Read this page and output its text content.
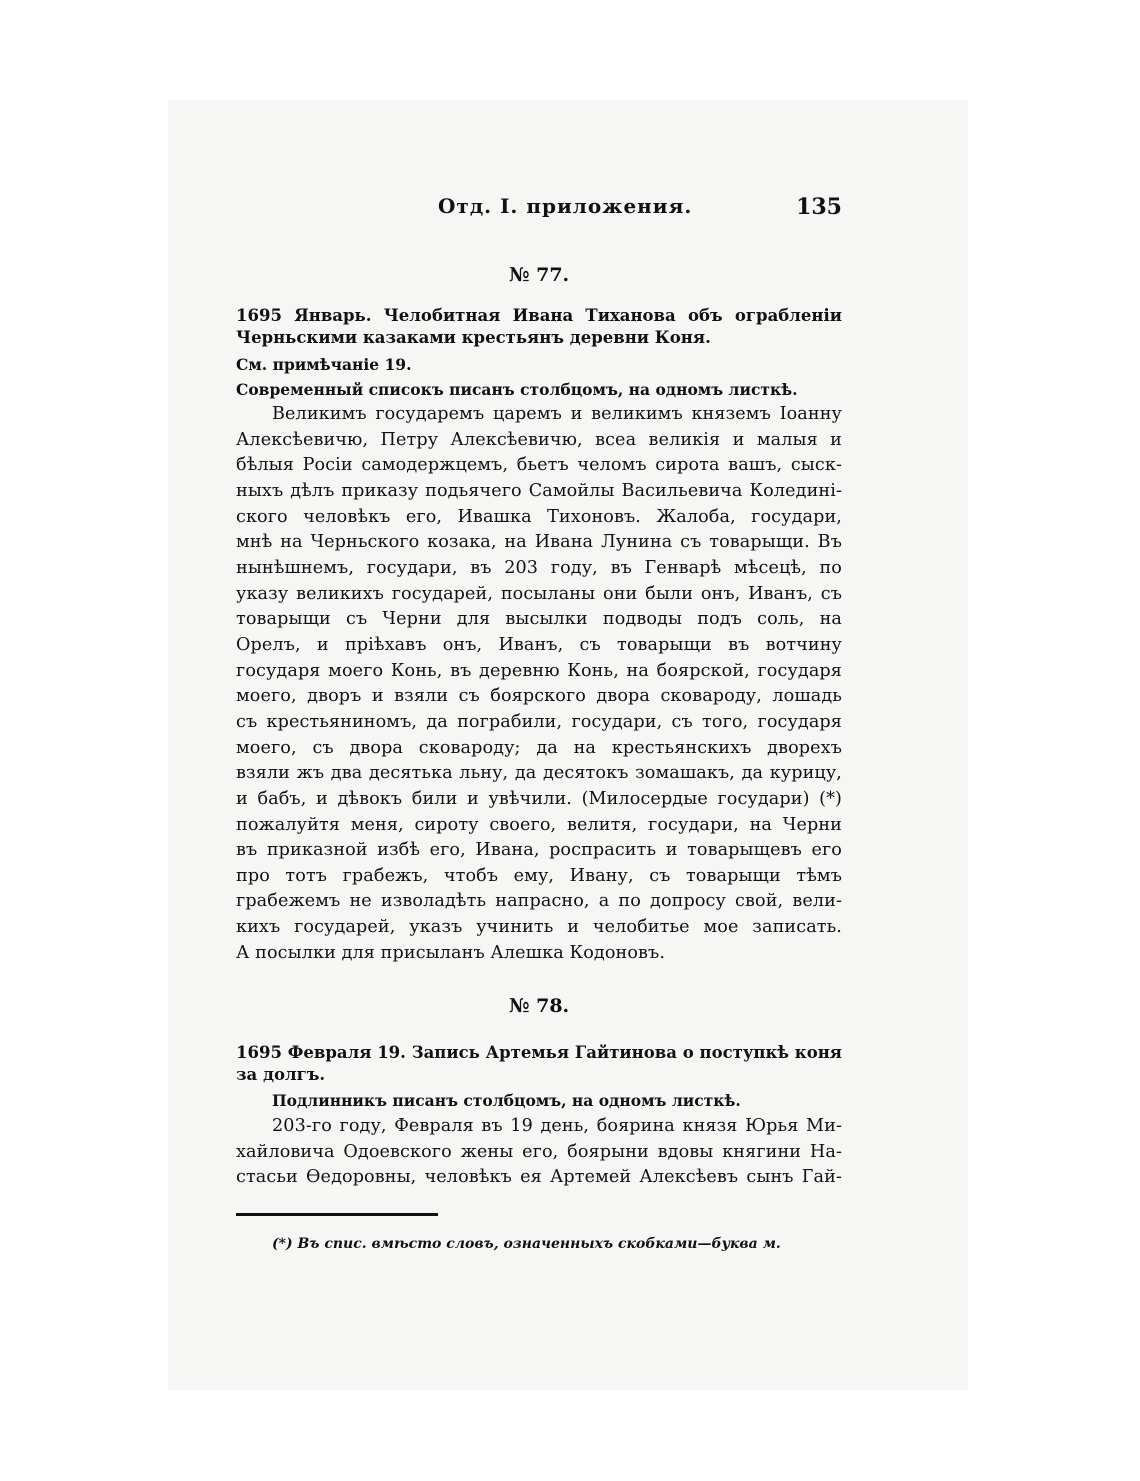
Отд. I. приложения.	135
№ 77.

1695 Январь. Челобитная Ивана Тиханова объ ограбленiи

Черньскими казаками крестьянъ деревни Коня.

См. примѣчанiе 19.

Современный списокъ писанъ столбцомъ, на одномъ листкѣ.

Великимъ государемъ царемъ и великимъ княземъ Iоанну

Алексѣевичю, Петру Алексѣевичю, всеа великiя и малыя и

бѣлыя Росiи самодержцемъ, бьетъ челомъ сирота вашъ, сыск-

ныхъ дѣлъ приказу подьячего Самойлы Васильевича Колединi-

ского человѣкъ его, Ивашка Тихоновъ. Жалоба, государи,

мнѣ на Черньского козака, на Ивана Лунина съ товарыщи. Въ

нынѣшнемъ, государи, въ 203 году, въ Генварѣ мѣсецѣ, по

указу великихъ государей, посыланы они были онъ, Иванъ, съ

товарыщи съ Черни для высылки подводы подъ соль, на

Орелъ, и прiѣхавъ онъ, Иванъ, съ товарыщи въ вотчину

государя моего Конь, въ деревню Конь, на боярской, государя

моего, дворъ и взяли съ боярского двора сковароду, лошадь

съ крестьяниномъ, да пограбили, государи, съ того, государя

моего, съ двора сковароду; да на крестьянскихъ дворехъ

взяли жъ два десятька льну, да десятокъ зомашакъ, да курицу,

и бабъ, и дѣвокъ били и увѣчили. (Милосердые государи) (*)

пожалуйтя меня, сироту своего, велитя, государи, на Черни

въ приказной избѣ его, Ивана, роспрасить и товарыщевъ его

про тотъ грабежъ, чтобъ ему, Ивану, съ товарыщи тѣмъ

грабежемъ не изволадѣть напрасно, а по допросу свой, вели-

кихъ государей, указъ учинить и челобитье мое записать.

А посылки для присыланъ Алешка Кодоновъ.

№ 78.

1695 Февраля 19. Запись Артемья Гайтинова о поступкѣ коня

за долгъ.

Подлинникъ писанъ столбцомъ, на одномъ листкѣ.

203-го году, Февраля въ 19 день, боярина князя Юрья Ми-

хайловича Одоевского жены его, боярыни вдовы княгини На-

стасьи Өедоровны, человѣкъ ея Артемей Алексѣевъ сынъ Гай-

(*) Въ спис. вмѣсто словъ, означенныхъ скобками—буква м.
